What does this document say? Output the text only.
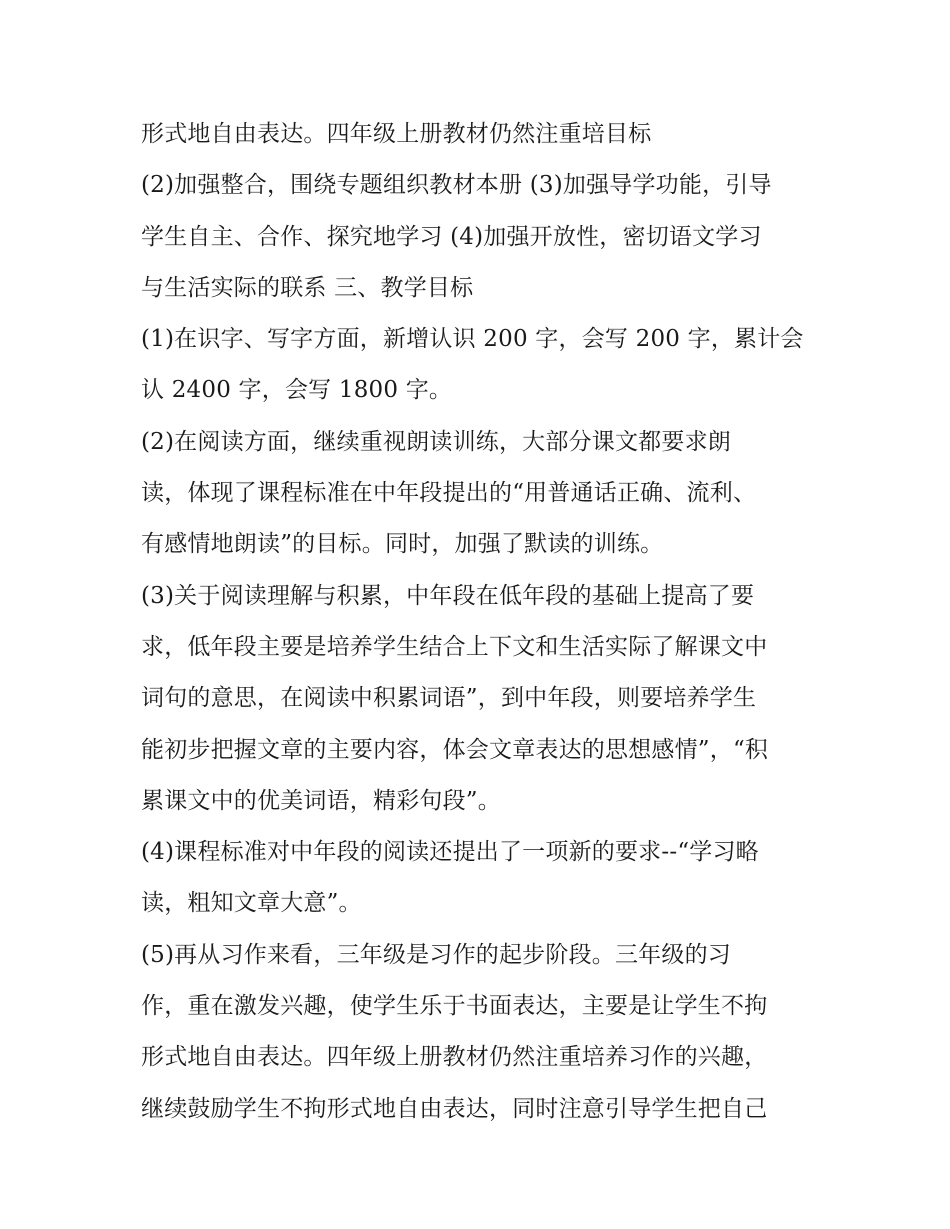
形式地自由表达。四年级上册教材仍然注重培目标
(2)加强整合，围绕专题组织教材本册 (3)加强导学功能，引导
学生自主、合作、探究地学习 (4)加强开放性，密切语文学习
与生活实际的联系 三、教学目标
(1)在识字、写字方面，新增认识 200 字，会写 200 字，累计会
认 2400 字，会写 1800 字。
(2)在阅读方面，继续重视朗读训练，大部分课文都要求朗
读，体现了课程标准在中年段提出的“用普通话正确、流利、
有感情地朗读”的目标。同时，加强了默读的训练。
(3)关于阅读理解与积累，中年段在低年段的基础上提高了要
求，低年段主要是培养学生结合上下文和生活实际了解课文中
词句的意思，在阅读中积累词语”，到中年段，则要培养学生
能初步把握文章的主要内容，体会文章表达的思想感情”，“积
累课文中的优美词语，精彩句段”。
(4)课程标准对中年段的阅读还提出了一项新的要求--“学习略
读，粗知文章大意”。
(5)再从习作来看，三年级是习作的起步阶段。三年级的习
作，重在激发兴趣，使学生乐于书面表达，主要是让学生不拘
形式地自由表达。四年级上册教材仍然注重培养习作的兴趣，
继续鼓励学生不拘形式地自由表达，同时注意引导学生把自己
